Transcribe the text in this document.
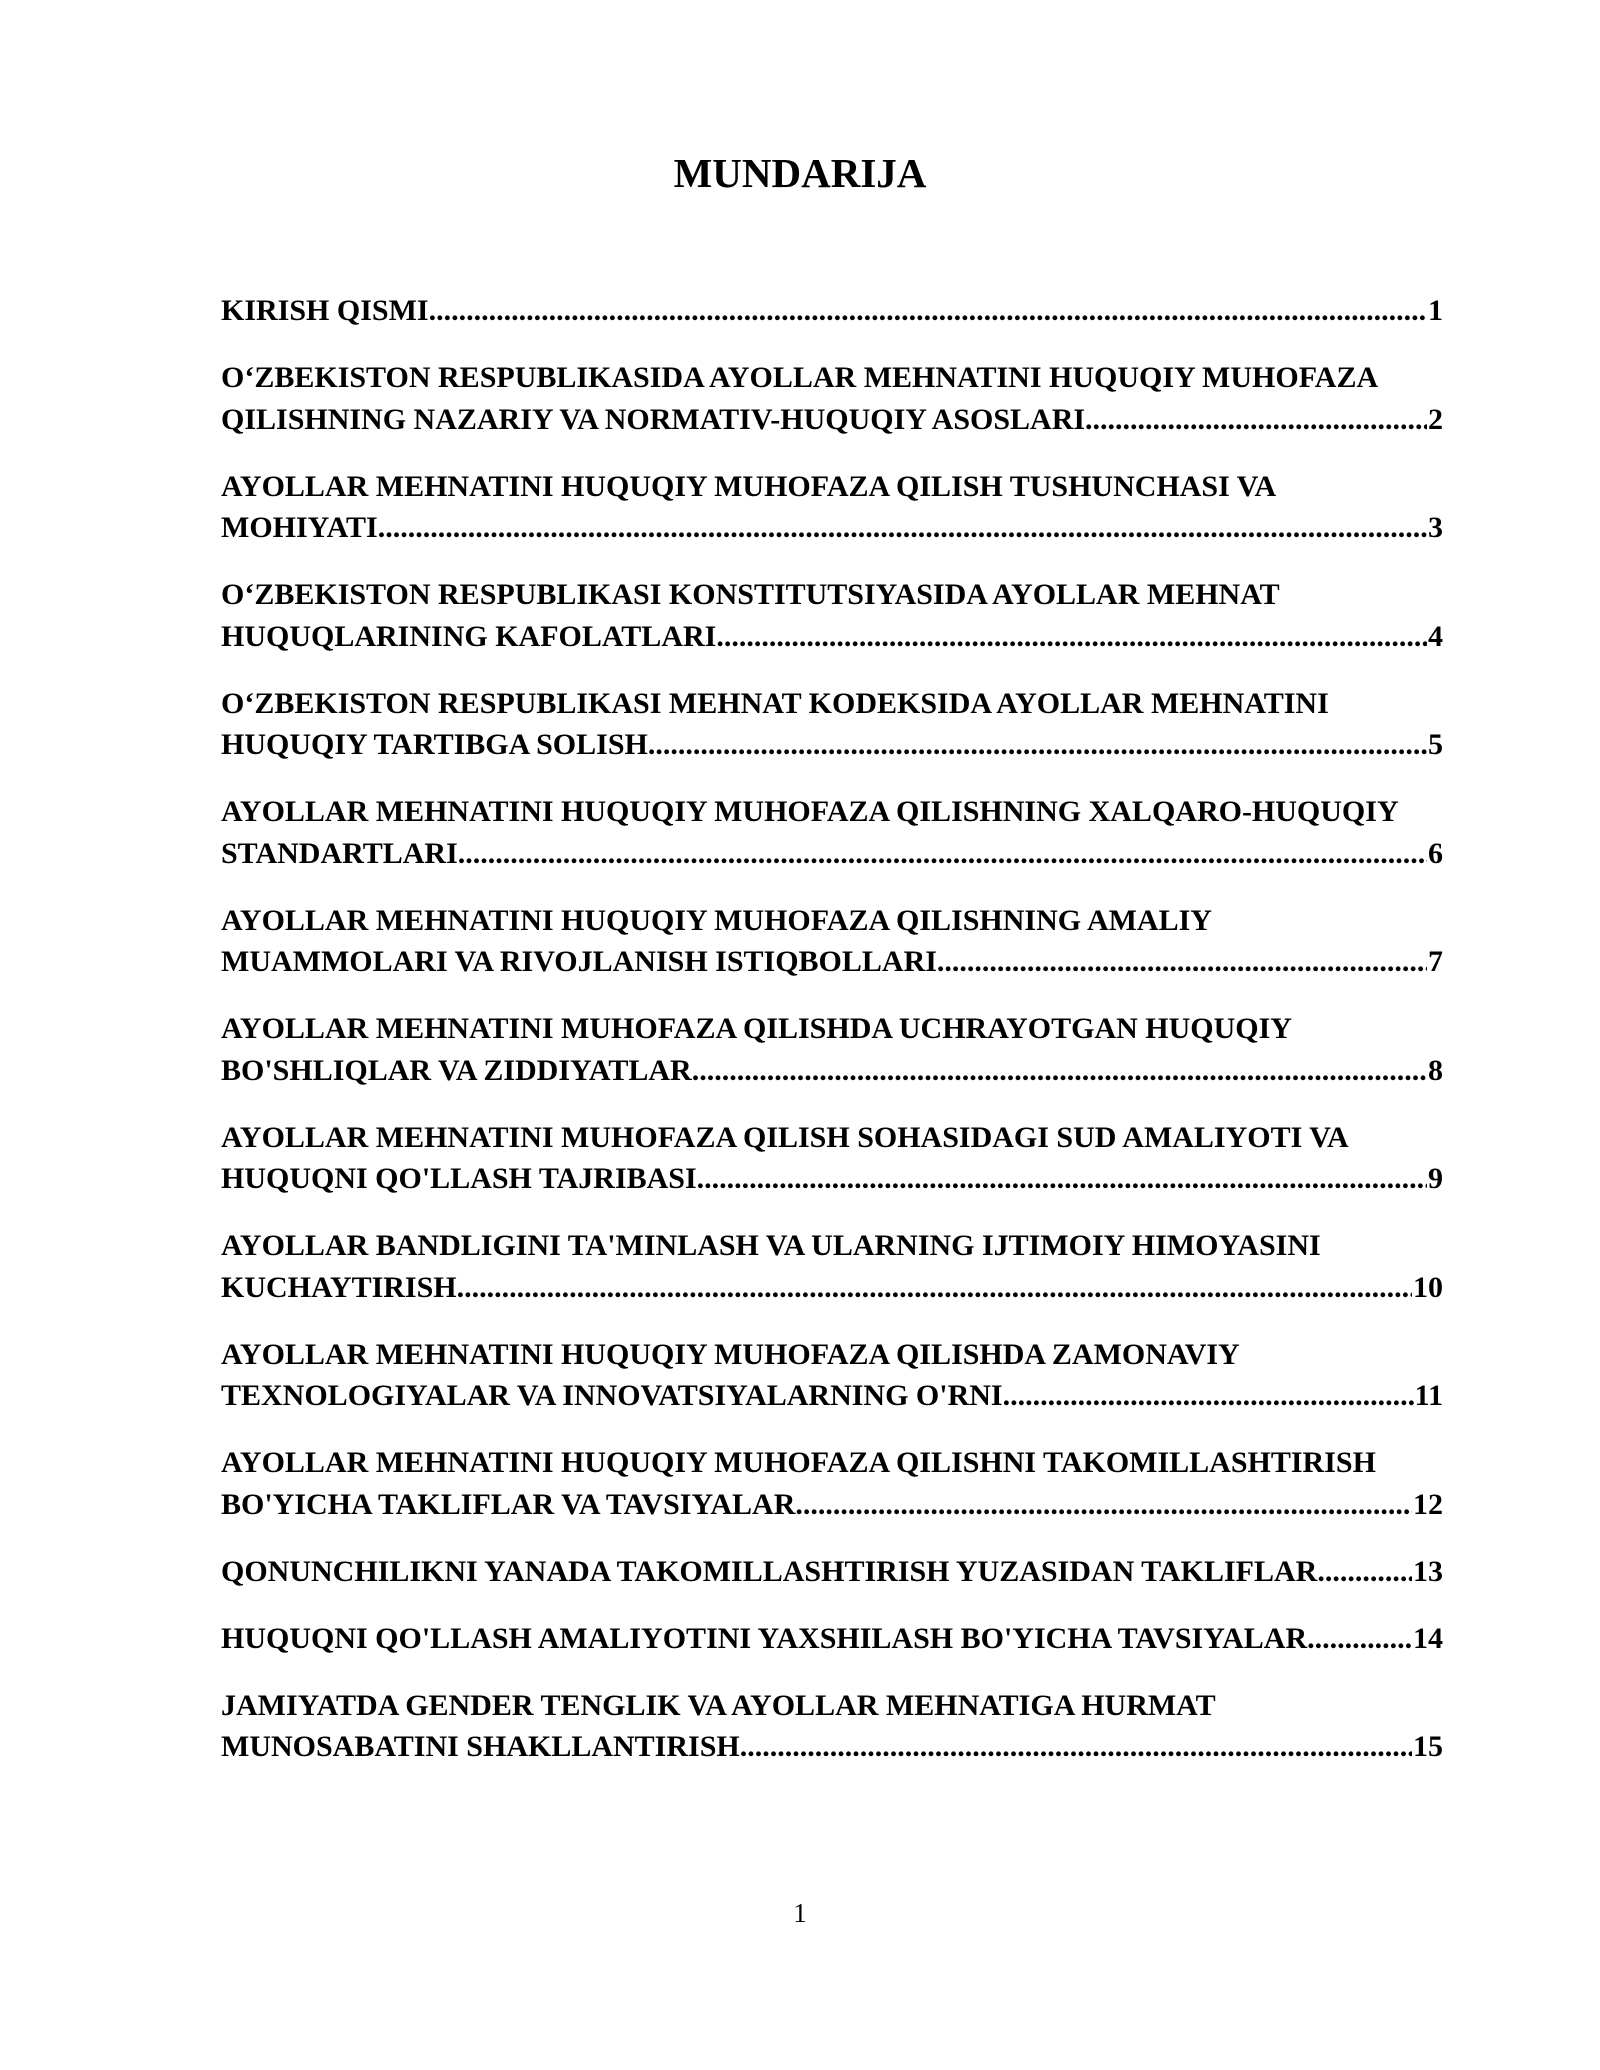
MUNDARIJA
KIRISH QISMI .....	1
O‘ZBEKISTON RESPUBLIKASIDA AYOLLAR MEHNATINI HUQUQIY MUHOFAZA
QILISHNING NAZARIY VA NORMATIV-HUQUQIY ASOSLARI .....	2
AYOLLAR MEHNATINI HUQUQIY MUHOFAZA QILISH TUSHUNCHASI VA
MOHIYATI .....	3
O‘ZBEKISTON RESPUBLIKASI KONSTITUTSIYASIDA AYOLLAR MEHNAT
HUQUQLARINING KAFOLATLARI .....	4
O‘ZBEKISTON RESPUBLIKASI MEHNAT KODEKSIDA AYOLLAR MEHNATINI
HUQUQIY TARTIBGA SOLISH .....	5
AYOLLAR MEHNATINI HUQUQIY MUHOFAZA QILISHNING XALQARO-HUQUQIY
STANDARTLARI .....	6
AYOLLAR MEHNATINI HUQUQIY MUHOFAZA QILISHNING AMALIY
MUAMMOLARI VA RIVOJLANISH ISTIQBOLLARI .....	7
AYOLLAR MEHNATINI MUHOFAZA QILISHDA UCHRAYOTGAN HUQUQIY
BO'SHLIQLAR VA ZIDDIYATLAR .....	8
AYOLLAR MEHNATINI MUHOFAZA QILISH SOHASIDAGI SUD AMALIYOTI VA
HUQUQNI QO'LLASH TAJRIBASI .....	9
AYOLLAR BANDLIGINI TA'MINLASH VA ULARNING IJTIMOIY HIMOYASINI
KUCHAYTIRISH .....	10
AYOLLAR MEHNATINI HUQUQIY MUHOFAZA QILISHDA ZAMONAVIY
TEXNOLOGIYALAR VA INNOVATSIYALARNING O'RNI .....	11
AYOLLAR MEHNATINI HUQUQIY MUHOFAZA QILISHNI TAKOMILLASHTIRISH
BO'YICHA TAKLIFLAR VA TAVSIYALAR .....	12
QONUNCHILIKNI YANADA TAKOMILLASHTIRISH YUZASIDAN TAKLIFLAR .....	13
HUQUQNI QO'LLASH AMALIYOTINI YAXSHILASH BO'YICHA TAVSIYALAR .....	14
JAMIYATDA GENDER TENGLIK VA AYOLLAR MEHNATIGA HURMAT
MUNOSABATINI SHAKLLANTIRISH .....	15
1
